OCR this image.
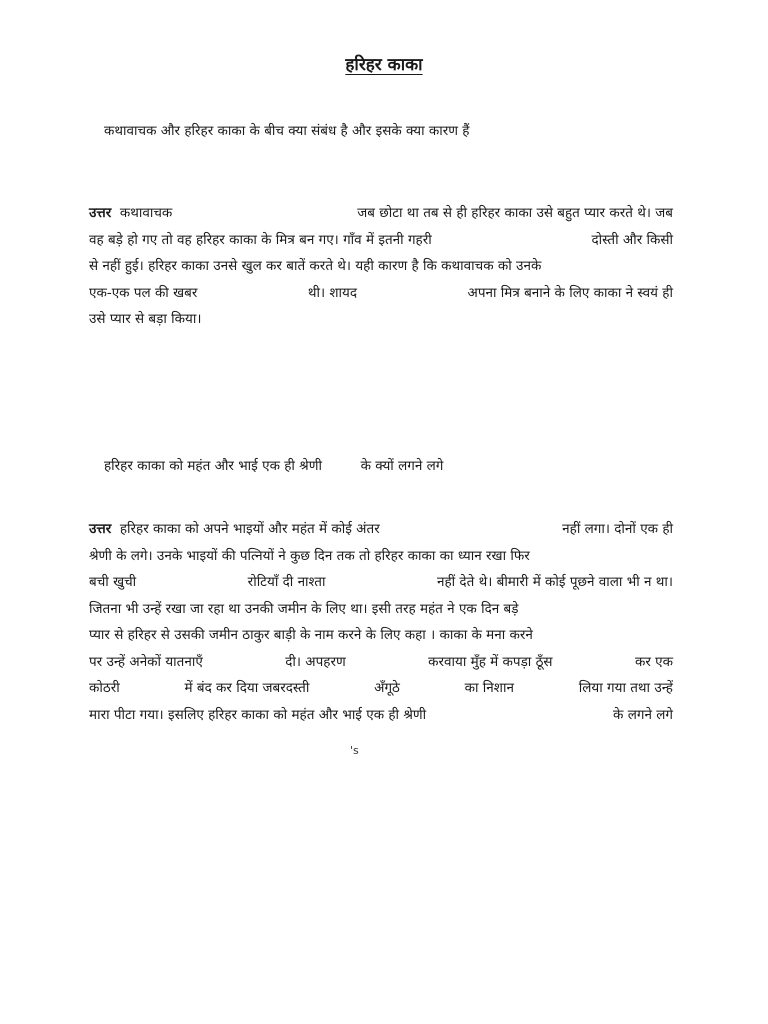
हरिहर काका
कथावाचक और हरिहर काका के बीच क्या संबंध है और इसके क्या कारण हैं
उत्तर कथावाचक	जब छोटा था तब से ही हरिहर काका उसे बहुत प्यार करते थे। जब
वह बड़े हो गए तो वह हरिहर काका के मित्र बन गए। गाँव में इतनी गहरी	दोस्ती और किसी
से नहीं हुई। हरिहर काका उनसे खुल कर बातें करते थे। यही कारण है कि कथावाचक को उनके
एक-एक पल की खबर	थी। शायद	अपना मित्र बनाने के लिए काका ने स्वयं ही
उसे प्यार से बड़ा किया।
हरिहर काका को महंत और भाई एक ही श्रेणी	के क्यों लगने लगे
उत्तर हरिहर काका को अपने भाइयों और महंत में कोई अंतर	नहीं लगा। दोनों एक ही
श्रेणी के लगे। उनके भाइयों की पत्नियों ने कुछ दिन तक तो हरिहर काका का ध्यान रखा फिर
बची खुची	रोटियाँ दी नाश्ता	नहीं देते थे। बीमारी में कोई पूछने वाला भी न था।
जितना भी उन्हें रखा जा रहा था उनकी जमीन के लिए था। इसी तरह महंत ने एक दिन बड़े
प्यार से हरिहर से उसकी जमीन ठाकुर बाड़ी के नाम करने के लिए कहा । काका के मना करने
पर उन्हें अनेकों यातनाएँ	दी। अपहरण	करवाया मुँह में कपड़ा ठूँस	कर एक
कोठरी	में बंद कर दिया जबरदस्ती	अँगूठे	का निशान	लिया गया तथा उन्हें
मारा पीटा गया। इसलिए हरिहर काका को महंत और भाई एक ही श्रेणी	के लगने लगे
's
